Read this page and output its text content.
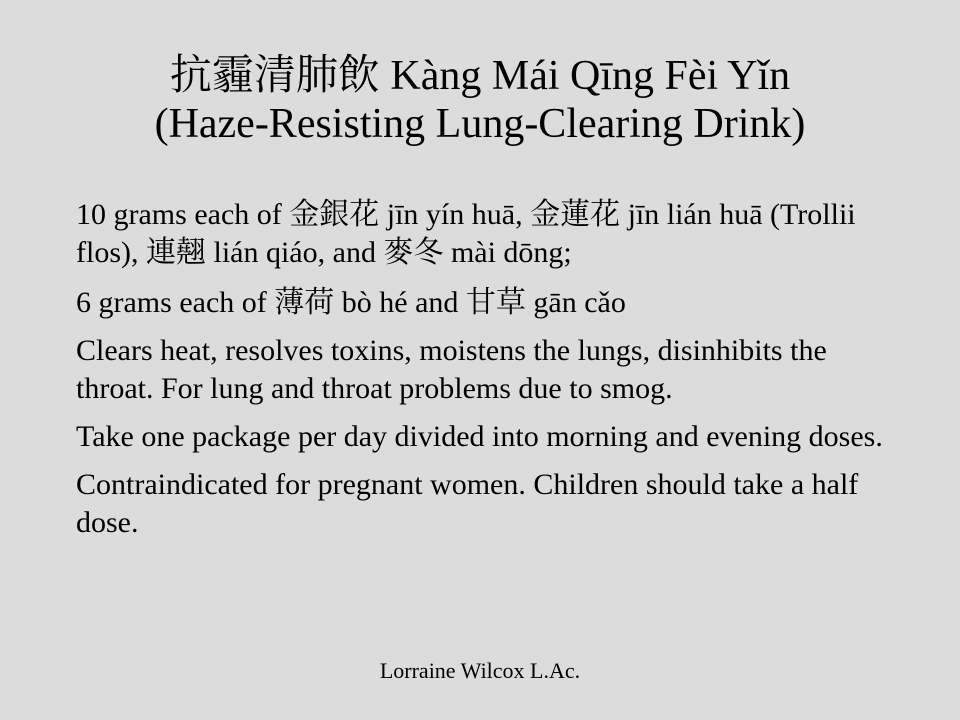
抗霾清肺飲 Kàng Mái Qīng Fèi Yǐn
(Haze-Resisting Lung-Clearing Drink)
10 grams each of 金銀花 jīn yín huā, 金蓮花 jīn lián huā (Trollii flos), 連翹 lián qiáo, and 麥冬 mài dōng;
6 grams each of 薄荷 bò hé and 甘草 gān cǎo
Clears heat, resolves toxins, moistens the lungs, disinhibits the throat. For lung and throat problems due to smog.
Take one package per day divided into morning and evening doses.
Contraindicated for pregnant women. Children should take a half dose.
Lorraine Wilcox L.Ac.
